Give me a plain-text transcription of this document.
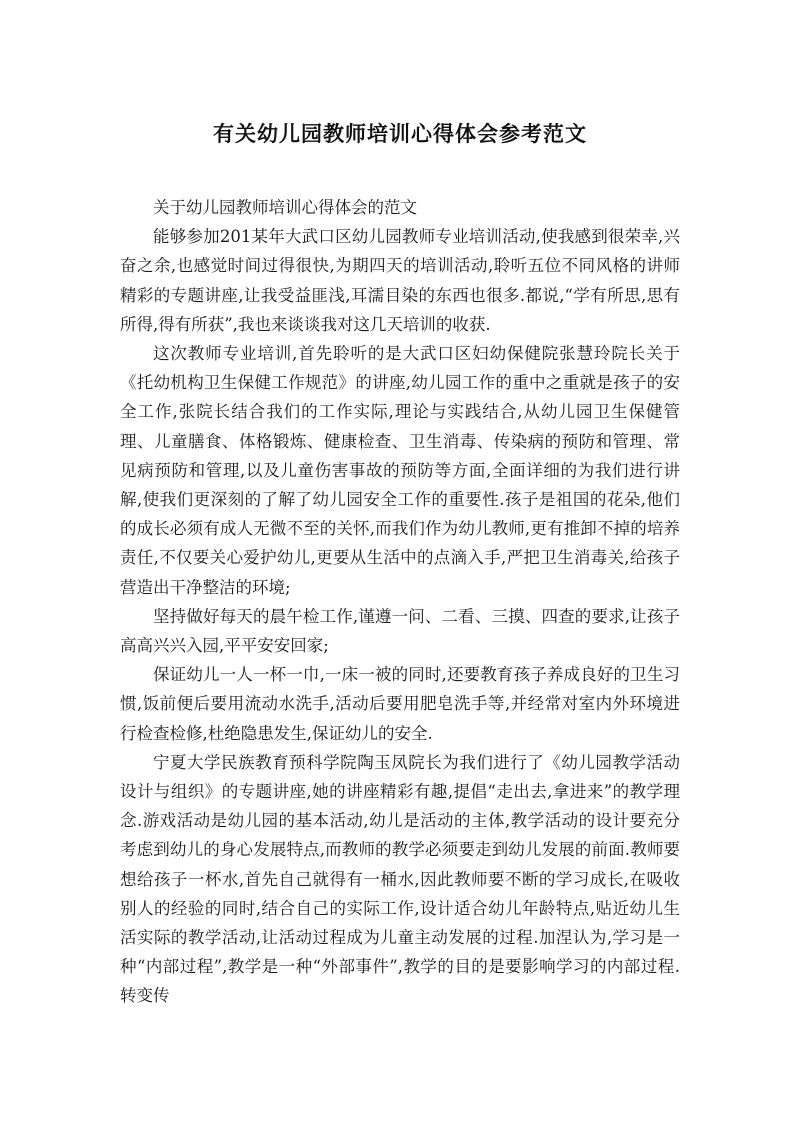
有关幼儿园教师培训心得体会参考范文

关于幼儿园教师培训心得体会的范文

能够参加201某年大武口区幼儿园教师专业培训活动,使我感到很荣幸,兴奋之余,也感觉时间过得很快,为期四天的培训活动,聆听五位不同风格的讲师精彩的专题讲座,让我受益匪浅,耳濡目染的东西也很多.都说,“学有所思,思有所得,得有所获”,我也来谈谈我对这几天培训的收获.

这次教师专业培训,首先聆听的是大武口区妇幼保健院张慧玲院长关于《托幼机构卫生保健工作规范》的讲座,幼儿园工作的重中之重就是孩子的安全工作,张院长结合我们的工作实际,理论与实践结合,从幼儿园卫生保健管理、儿童膳食、体格锻炼、健康检查、卫生消毒、传染病的预防和管理、常见病预防和管理,以及儿童伤害事故的预防等方面,全面详细的为我们进行讲解,使我们更深刻的了解了幼儿园安全工作的重要性.孩子是祖国的花朵,他们的成长必须有成人无微不至的关怀,而我们作为幼儿教师,更有推卸不掉的培养责任,不仅要关心爱护幼儿,更要从生活中的点滴入手,严把卫生消毒关,给孩子营造出干净整洁的环境;

坚持做好每天的晨午检工作,谨遵一问、二看、三摸、四查的要求,让孩子高高兴兴入园,平平安安回家;

保证幼儿一人一杯一巾,一床一被的同时,还要教育孩子养成良好的卫生习惯,饭前便后要用流动水洗手,活动后要用肥皂洗手等,并经常对室内外环境进行检查检修,杜绝隐患发生,保证幼儿的安全.

宁夏大学民族教育预科学院陶玉凤院长为我们进行了《幼儿园教学活动设计与组织》的专题讲座,她的讲座精彩有趣,提倡“走出去,拿进来”的教学理念.游戏活动是幼儿园的基本活动,幼儿是活动的主体,教学活动的设计要充分考虑到幼儿的身心发展特点,而教师的教学必须要走到幼儿发展的前面.教师要想给孩子一杯水,首先自己就得有一桶水,因此教师要不断的学习成长,在吸收别人的经验的同时,结合自己的实际工作,设计适合幼儿年龄特点,贴近幼儿生活实际的教学活动,让活动过程成为儿童主动发展的过程.加涅认为,学习是一种“内部过程”,教学是一种“外部事件”,教学的目的是要影响学习的内部过程.转变传
